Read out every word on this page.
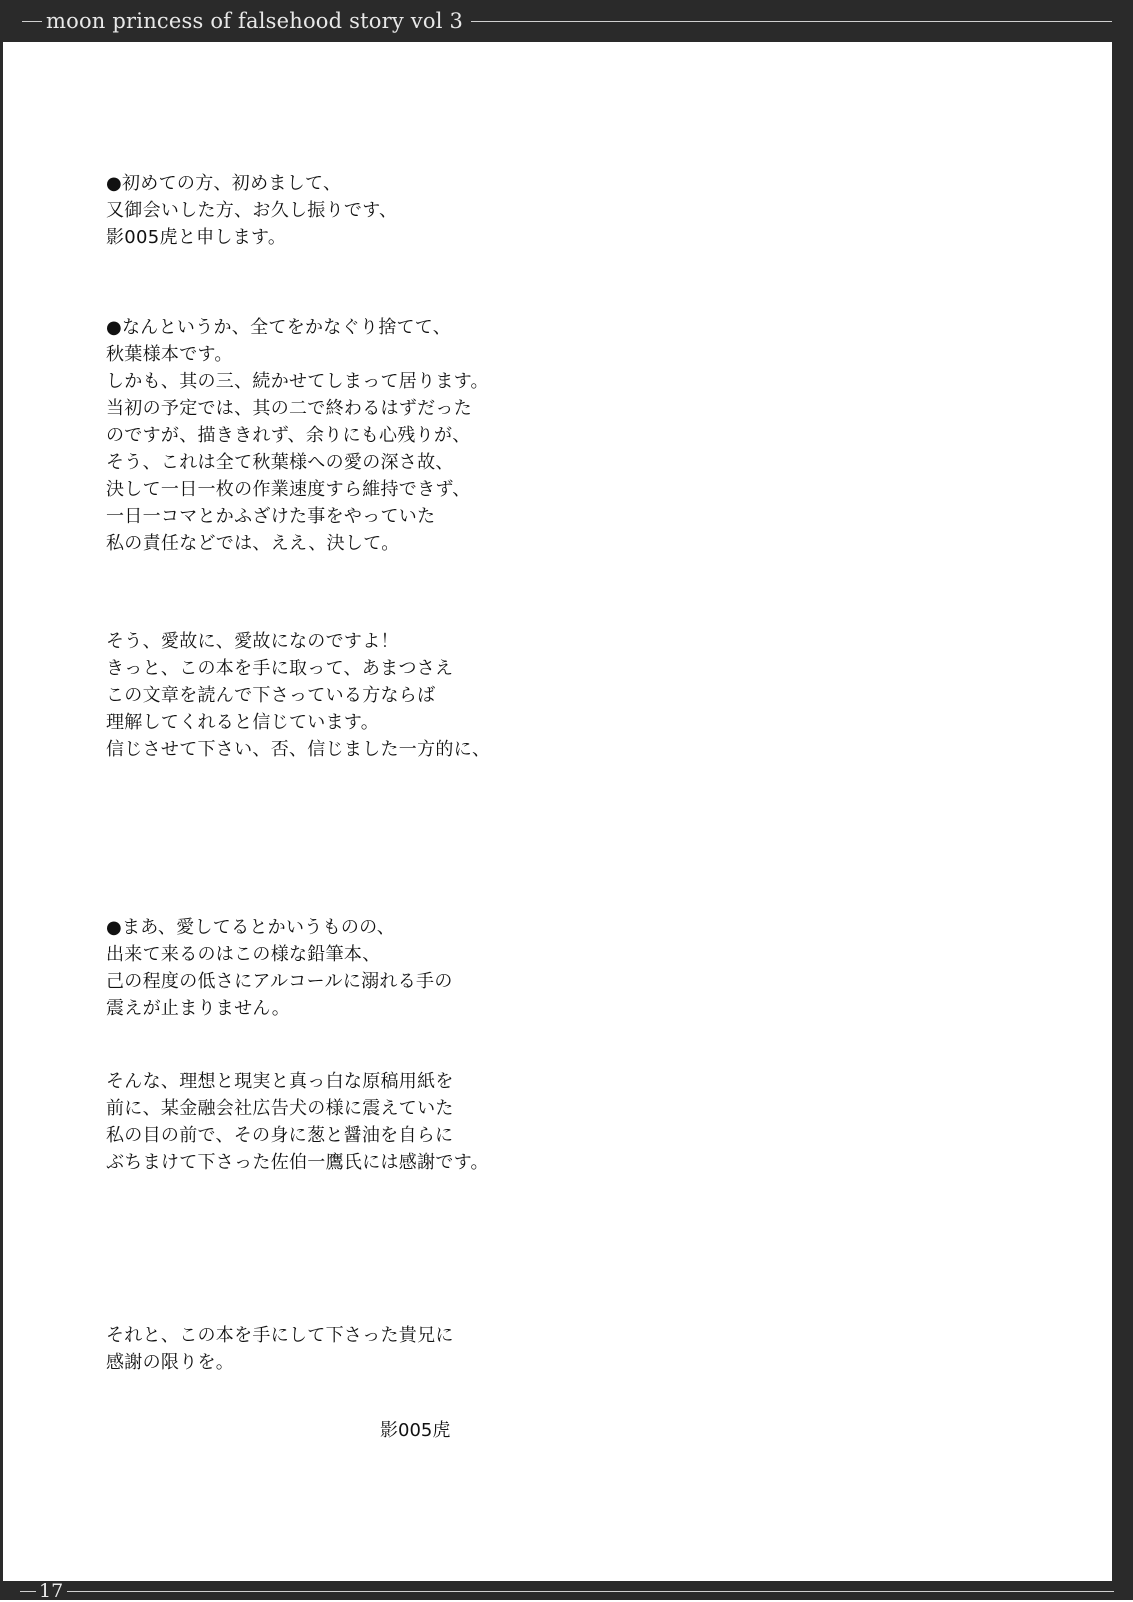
moon princess of falsehood story vol 3
●初めての方、初めまして、
又御会いした方、お久し振りです、
影005虎と申します。
●なんというか、全てをかなぐり捨てて、
秋葉様本です。
しかも、其の三、続かせてしまって居ります。
当初の予定では、其の二で終わるはずだった
のですが、描ききれず、余りにも心残りが、
そう、これは全て秋葉様への愛の深さ故、
決して一日一枚の作業速度すら維持できず、
一日一コマとかふざけた事をやっていた
私の責任などでは、ええ、決して。
そう、愛故に、愛故になのですよ！
きっと、この本を手に取って、あまつさえ
この文章を読んで下さっている方ならば
理解してくれると信じています。
信じさせて下さい、否、信じました一方的に、
●まあ、愛してるとかいうものの、
出来て来るのはこの様な鉛筆本、
己の程度の低さにアルコールに溺れる手の
震えが止まりません。
そんな、理想と現実と真っ白な原稿用紙を
前に、某金融会社広告犬の様に震えていた
私の目の前で、その身に葱と醤油を自らに
ぶちまけて下さった佐伯一鷹氏には感謝です。
それと、この本を手にして下さった貴兄に
感謝の限りを。
影005虎
17
